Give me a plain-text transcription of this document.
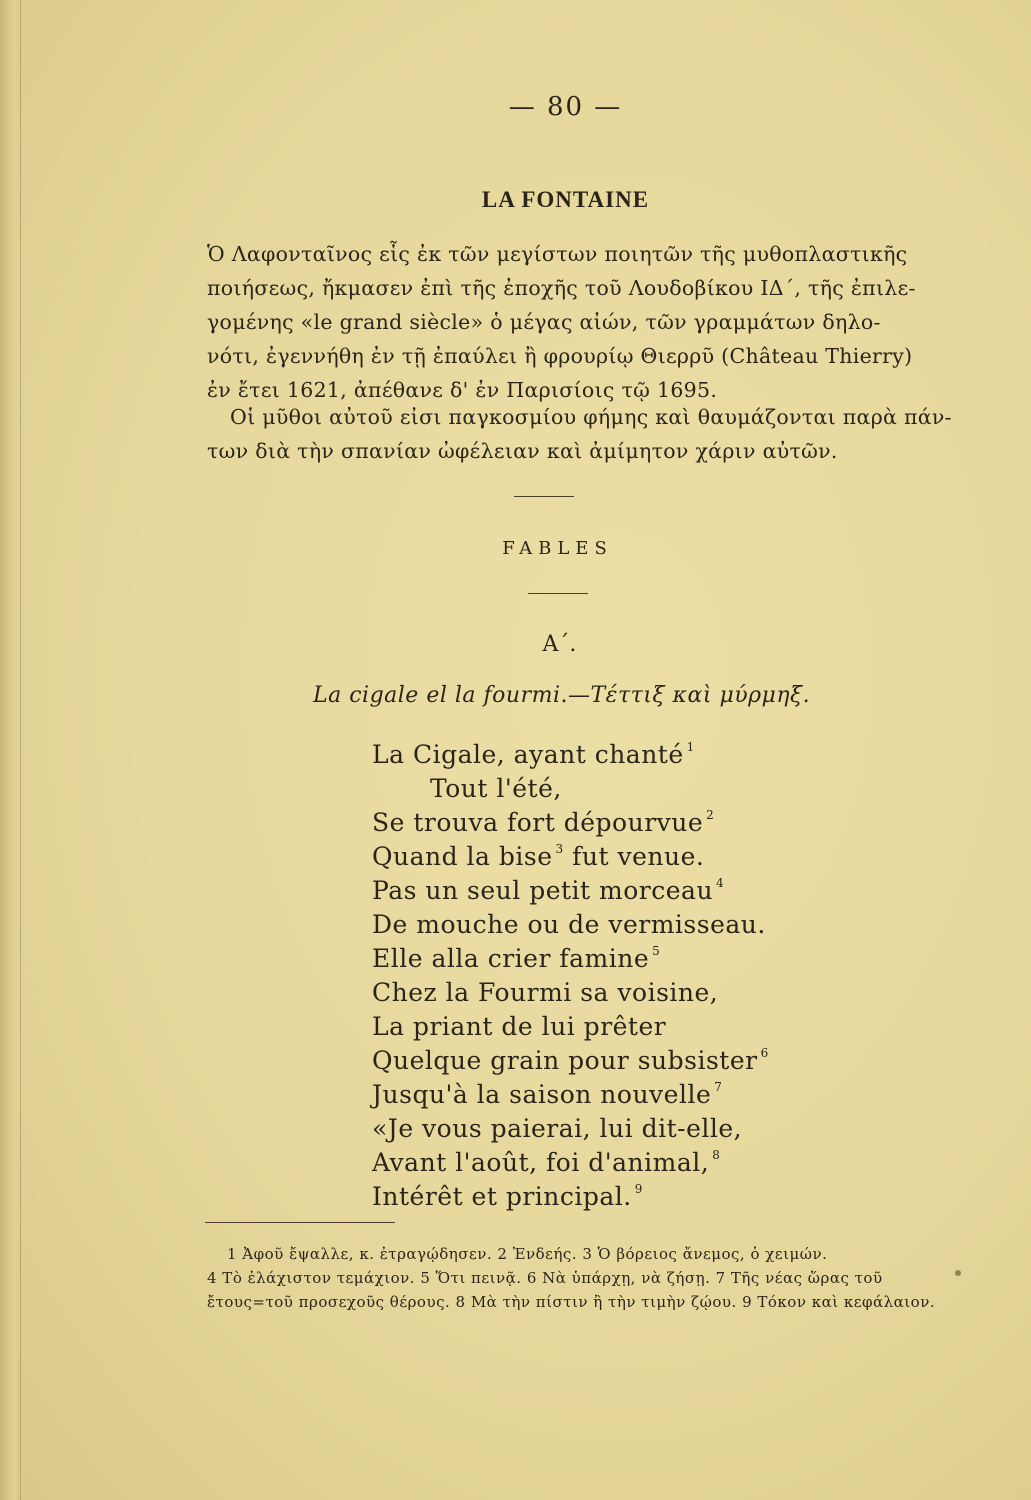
— 80 —
LA FONTAINE
Ὁ Λαφονταῖνος εἷς ἐκ τῶν μεγίστων ποιητῶν τῆς μυθοπλαστικῆς
ποιήσεως, ἤκμασεν ἐπὶ τῆς ἐποχῆς τοῦ Λουδοβίκου ΙΔ΄, τῆς ἐπιλε-
γομένης «le grand siècle» ὁ μέγας αἰών, τῶν γραμμάτων δηλο-
νότι, ἐγεννήθη ἐν τῇ ἐπαύλει ἢ φρουρίῳ Θιερρῦ (Château Thierry)
ἐν ἔτει 1621, ἀπέθανε δ' ἐν Παρισίοις τῷ 1695.
Οἱ μῦθοι αὐτοῦ εἰσι παγκοσμίου φήμης καὶ θαυμάζονται παρὰ πάν-
των διὰ τὴν σπανίαν ὠφέλειαν καὶ ἀμίμητον χάριν αὐτῶν.
FABLES
Α΄.
La cigale el la fourmi.—Τέττιξ καὶ μύρμηξ.
La Cigale, ayant chanté $^1$
Tout l'été,
Se trouva fort dépourvue $^2$
Quand la bise $^3$ fut venue.
Pas un seul petit morceau $^4$
De mouche ou de vermisseau.
Elle alla crier famine $^5$
Chez la Fourmi sa voisine,
La priant de lui prêter
Quelque grain pour subsister $^6$
Jusqu'à la saison nouvelle $^7$
«Je vous paierai, lui dit-elle,
Avant l'août, foi d'animal, $^8$
Intérêt et principal. $^9$
1 Ἀφοῦ ἔψαλλε, κ. ἐτραγῴδησεν. 2 Ἐνδεής. 3 Ὁ βόρειος ἄνεμος, ὁ χειμών.
4 Τὸ ἐλάχιστον τεμάχιον. 5 Ὅτι πεινᾷ. 6 Νὰ ὑπάρχῃ, νὰ ζήσῃ. 7 Τῆς νέας ὥρας τοῦ
ἔτους=τοῦ προσεχοῦς θέρους. 8 Μὰ τὴν πίστιν ἢ τὴν τιμὴν ζῴου. 9 Τόκον καὶ κεφάλαιον.
